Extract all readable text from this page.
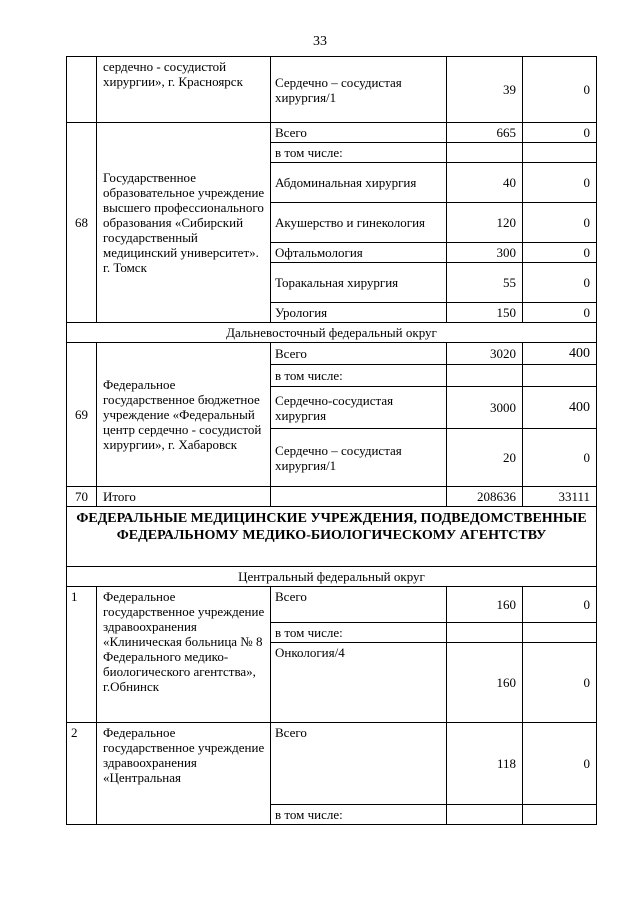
33
	сердечно - сосудистой хирургии», г. Красноярск	Сердечно – сосудистая хирургия/1	39	0
68	Государственное образовательное учреждение высшего профессионального образования «Сибирский государственный медицинский университет». г. Томск	Всего	665	0
		в том числе:		
		Абдоминальная хирургия	40	0
		Акушерство и гинекология	120	0
		Офтальмология	300	0
		Торакальная хирургия	55	0
		Урология	150	0
Дальневосточный федеральный округ				
69	Федеральное государственное бюджетное учреждение «Федеральный центр сердечно - сосудистой хирургии», г. Хабаровск	Всего	3020	400
		в том числе:		
		Сердечно-сосудистая хирургия	3000	400
		Сердечно – сосудистая хирургия/1	20	0
70	Итого		208636	33111
ФЕДЕРАЛЬНЫЕ МЕДИЦИНСКИЕ УЧРЕЖДЕНИЯ, ПОДВЕДОМСТВЕННЫЕ ФЕДЕРАЛЬНОМУ МЕДИКО-БИОЛОГИЧЕСКОМУ АГЕНТСТВУ				
Центральный федеральный округ				
1	Федеральное государственное учреждение здравоохранения «Клиническая больница № 8 Федерального медико-биологического агентства», г.Обнинск	Всего	160	0
		в том числе:		
		Онкология/4	160	0
2	Федеральное государственное учреждение здравоохранения «Центральная	Всего	118	0
		в том числе:		
